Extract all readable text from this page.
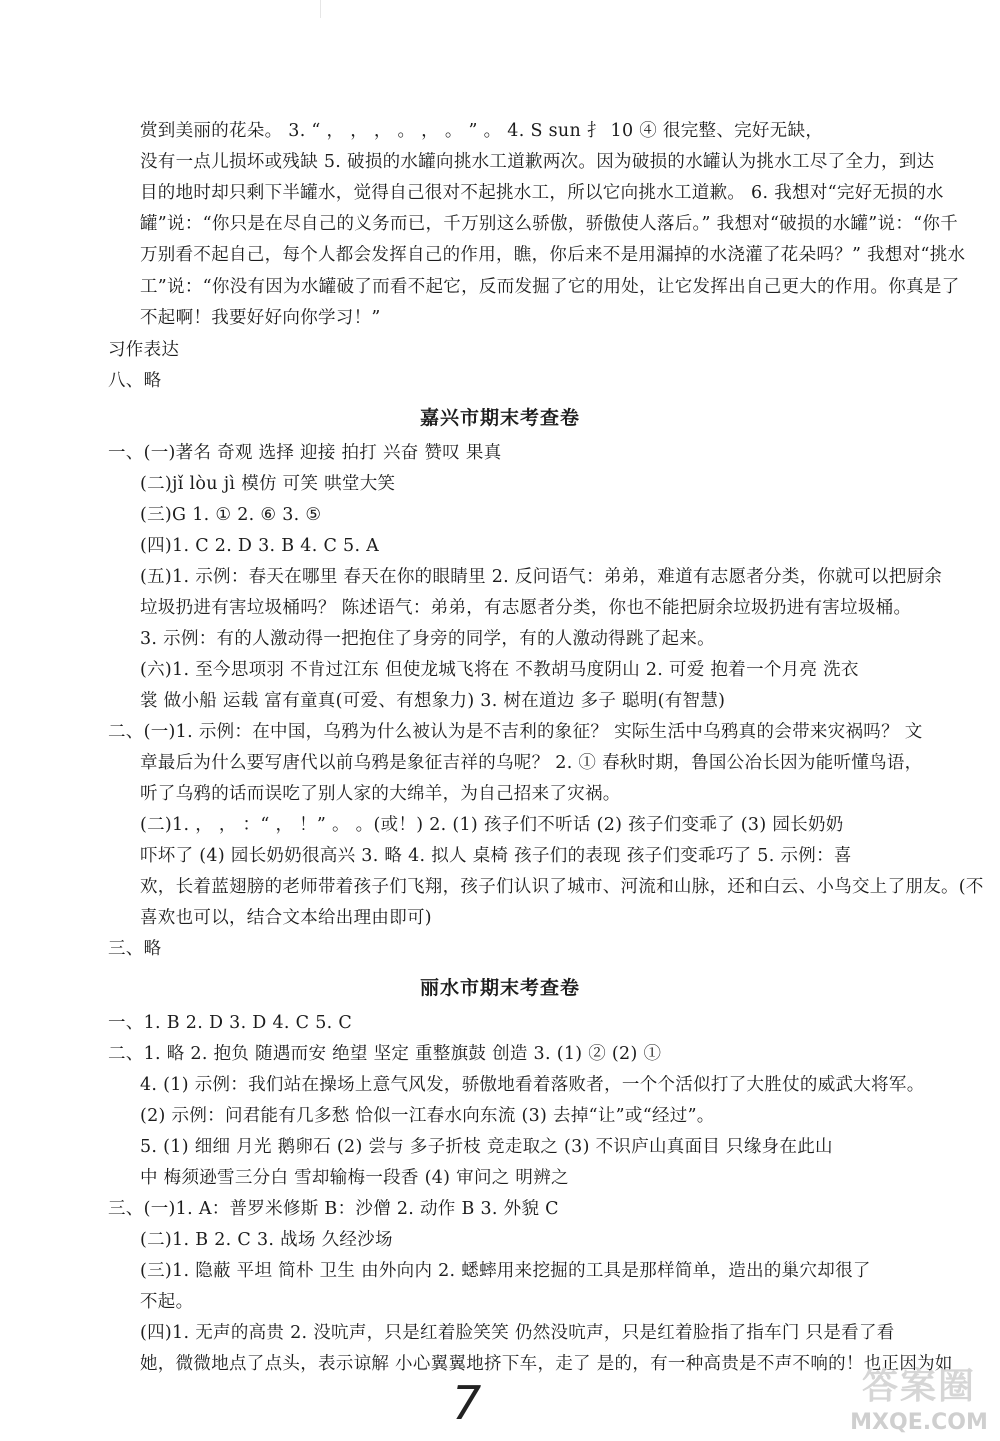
赏到美丽的花朵。 3. “ ， ， ， 。 ， 。 ” 。 4. S sun 扌 10 ④ 很完整、完好无缺，
没有一点儿损坏或残缺 5. 破损的水罐向挑水工道歉两次。因为破损的水罐认为挑水工尽了全力，到达
目的地时却只剩下半罐水，觉得自己很对不起挑水工，所以它向挑水工道歉。 6. 我想对“完好无损的水
罐”说：“你只是在尽自己的义务而已，千万别这么骄傲，骄傲使人落后。” 我想对“破损的水罐”说：“你千
万别看不起自己，每个人都会发挥自己的作用，瞧，你后来不是用漏掉的水浇灌了花朵吗？” 我想对“挑水
工”说：“你没有因为水罐破了而看不起它，反而发掘了它的用处，让它发挥出自己更大的作用。你真是了
不起啊！我要好好向你学习！”
习作表达
八、略
嘉兴市期末考查卷
一、(一)著名 奇观 选择 迎接 拍打 兴奋 赞叹 果真
(二)jǐ lòu jì 模仿 可笑 哄堂大笑
(三)G 1. ① 2. ⑥ 3. ⑤
(四)1. C 2. D 3. B 4. C 5. A
(五)1. 示例：春天在哪里 春天在你的眼睛里 2. 反问语气：弟弟，难道有志愿者分类，你就可以把厨余
垃圾扔进有害垃圾桶吗？ 陈述语气：弟弟，有志愿者分类，你也不能把厨余垃圾扔进有害垃圾桶。
3. 示例：有的人激动得一把抱住了身旁的同学，有的人激动得跳了起来。
(六)1. 至今思项羽 不肯过江东 但使龙城飞将在 不教胡马度阴山 2. 可爱 抱着一个月亮 洗衣
裳 做小船 运载 富有童真(可爱、有想象力) 3. 树在道边 多子 聪明(有智慧)
二、(一)1. 示例：在中国，乌鸦为什么被认为是不吉利的象征？ 实际生活中乌鸦真的会带来灾祸吗？ 文
章最后为什么要写唐代以前乌鸦是象征吉祥的乌呢？ 2. ① 春秋时期，鲁国公冶长因为能听懂鸟语，
听了乌鸦的话而误吃了别人家的大绵羊，为自己招来了灾祸。
(二)1. ， ， ：“ ， ！” 。 。(或！) 2. (1) 孩子们不听话 (2) 孩子们变乖了 (3) 园长奶奶
吓坏了 (4) 园长奶奶很高兴 3. 略 4. 拟人 桌椅 孩子们的表现 孩子们变乖巧了 5. 示例：喜
欢，长着蓝翅膀的老师带着孩子们飞翔，孩子们认识了城市、河流和山脉，还和白云、小鸟交上了朋友。(不
喜欢也可以，结合文本给出理由即可)
三、略
丽水市期末考查卷
一、1. B 2. D 3. D 4. C 5. C
二、1. 略 2. 抱负 随遇而安 绝望 坚定 重整旗鼓 创造 3. (1) ② (2) ①
4. (1) 示例：我们站在操场上意气风发，骄傲地看着落败者，一个个活似打了大胜仗的威武大将军。
(2) 示例：问君能有几多愁 恰似一江春水向东流 (3) 去掉“让”或“经过”。
5. (1) 细细 月光 鹅卵石 (2) 尝与 多子折枝 竞走取之 (3) 不识庐山真面目 只缘身在此山
中 梅须逊雪三分白 雪却输梅一段香 (4) 审问之 明辨之
三、(一)1. A：普罗米修斯 B：沙僧 2. 动作 B 3. 外貌 C
(二)1. B 2. C 3. 战场 久经沙场
(三)1. 隐蔽 平坦 简朴 卫生 由外向内 2. 蟋蟀用来挖掘的工具是那样简单，造出的巢穴却很了
不起。
(四)1. 无声的高贵 2. 没吭声，只是红着脸笑笑 仍然没吭声，只是红着脸指了指车门 只是看了看
她，微微地点了点头，表示谅解 小心翼翼地挤下车，走了 是的，有一种高贵是不声不响的！也正因为如
7	答案圈
MXQE.COM
